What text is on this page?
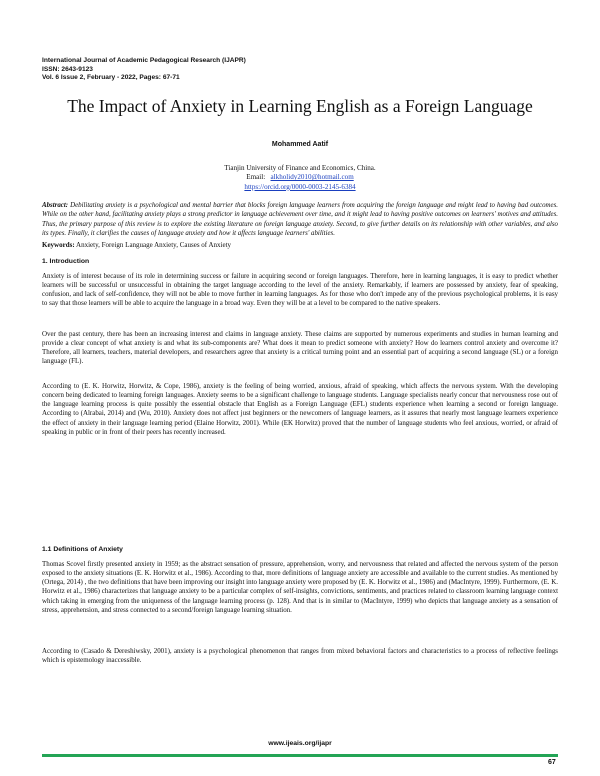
International Journal of Academic Pedagogical Research (IJAPR)
ISSN: 2643-9123
Vol. 6 Issue 2, February - 2022, Pages: 67-71
The Impact of Anxiety in Learning English as a Foreign Language
Mohammed Aatif
Tianjin University of Finance and Economics, China.
Email: alkholidy2010@hotmail.com
https://orcid.org/0000-0003-2145-6384
Abstract: Debilitating anxiety is a psychological and mental barrier that blocks foreign language learners from acquiring the foreign language and might lead to having bad outcomes. While on the other hand, facilitating anxiety plays a strong predictor in language achievement over time, and it might lead to having positive outcomes on learners' motives and attitudes. Thus, the primary purpose of this review is to explore the existing literature on foreign language anxiety. Second, to give further details on its relationship with other variables, and also its types. Finally, it clarifies the causes of language anxiety and how it affects language learners' abilities.
Keywords: Anxiety, Foreign Language Anxiety, Causes of Anxiety
1. Introduction

Anxiety is of interest because of its role in determining success or failure in acquiring second or foreign languages. Therefore, here in learning languages, it is easy to predict whether learners will be successful or unsuccessful in obtaining the target language according to the level of the anxiety. Remarkably, if learners are possessed by anxiety, fear of speaking, confusion, and lack of self-confidence, they will not be able to move further in learning languages. As for those who don't impede any of the previous psychological problems, it is easy to say that those learners will be able to acquire the language in a broad way. Even they will be at a level to be compared to the native speakers.

Over the past century, there has been an increasing interest and claims in language anxiety. These claims are supported by numerous experiments and studies in human learning and provide a clear concept of what anxiety is and what its sub-components are? What does it mean to predict someone with anxiety? How do learners control anxiety and overcome it? Therefore, all learners, teachers, material developers, and researchers agree that anxiety is a critical turning point and an essential part of acquiring a second language (SL) or a foreign language (FL).

According to (E. K. Horwitz, Horwitz, & Cope, 1986), anxiety is the feeling of being worried, anxious, afraid of speaking, which affects the nervous system. With the developing concern being dedicated to learning foreign languages. Anxiety seems to be a significant challenge to language students. Language specialists nearly concur that nervousness rose out of the language learning process is quite possibly the essential obstacle that English as a Foreign Language (EFL) students experience when learning a second or foreign language. According to (Alrabai, 2014) and (Wu, 2010). Anxiety does not affect just beginners or the newcomers of language learners, as it assures that nearly most language learners experience the effect of anxiety in their language learning period (Elaine Horwitz, 2001). While (EK Horwitz) proved that the number of language students who feel anxious, worried, or afraid of speaking in public or in front of their peers has recently increased.

1.1 Definitions of Anxiety

Thomas Scovel firstly presented anxiety in 1959; as the abstract sensation of pressure, apprehension, worry, and nervousness that related and affected the nervous system of the person exposed to the anxiety situations (E. K. Horwitz et al., 1986). According to that, more definitions of language anxiety are accessible and available to the current studies. As mentioned by (Ortega, 2014) , the two definitions that have been improving our insight into language anxiety were proposed by (E. K. Horwitz et al., 1986) and (MacIntyre, 1999). Furthermore, (E. K. Horwitz et al., 1986) characterizes that language anxiety to be a particular complex of self-insights, convictions, sentiments, and practices related to classroom learning language context which taking in emerging from the uniqueness of the language learning process (p. 128). And that is in similar to (MacIntyre, 1999) who depicts that language anxiety as a sensation of stress, apprehension, and stress connected to a second/foreign language learning situation.

According to (Casado & Dereshiwsky, 2001), anxiety is a psychological phenomenon that ranges from mixed behavioral factors and characteristics to a process of reflective feelings which is epistemology inaccessible.

www.ijeais.org/ijapr
67
